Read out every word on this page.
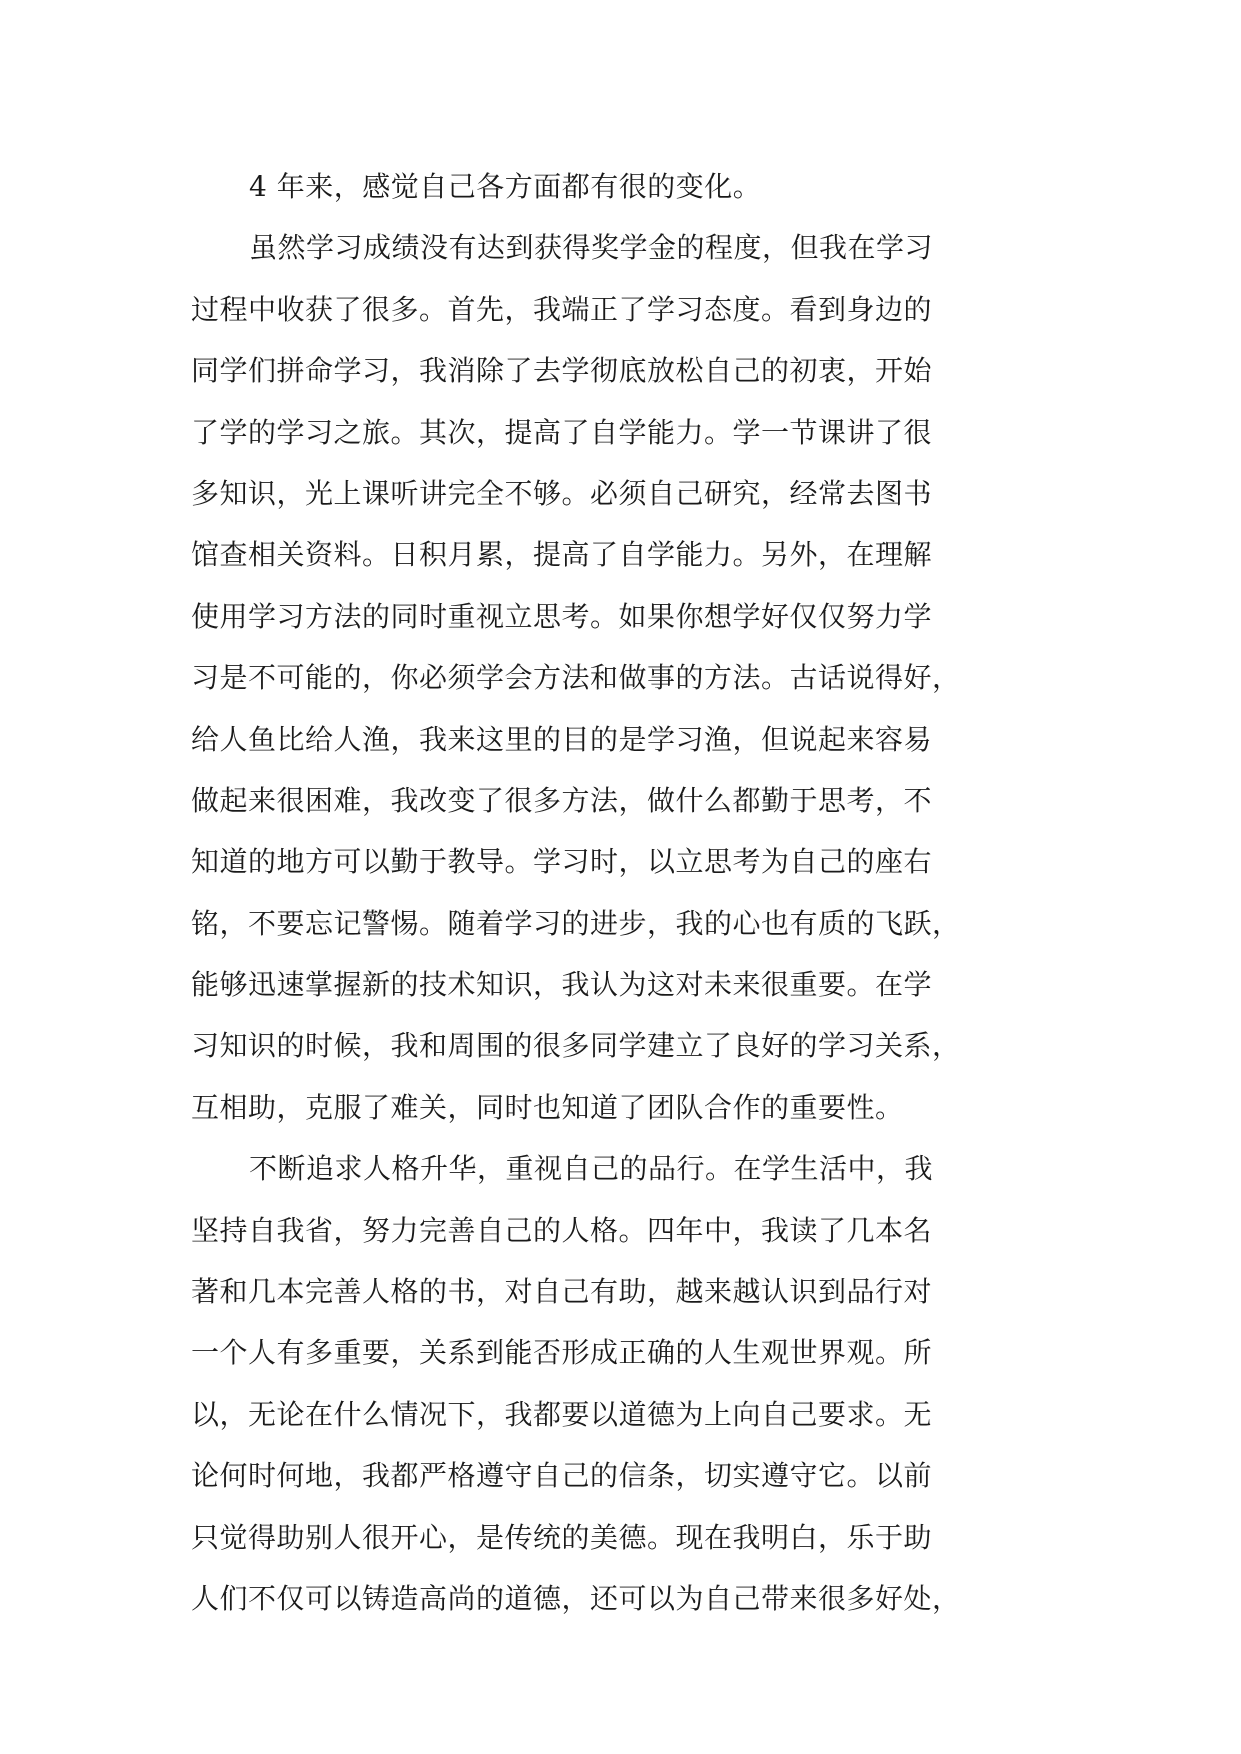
4 年来，感觉自己各方面都有很的变化。
虽然学习成绩没有达到获得奖学金的程度，但我在学习
过程中收获了很多。首先，我端正了学习态度。看到身边的
同学们拼命学习，我消除了去学彻底放松自己的初衷，开始
了学的学习之旅。其次，提高了自学能力。学一节课讲了很
多知识，光上课听讲完全不够。必须自己研究，经常去图书
馆查相关资料。日积月累，提高了自学能力。另外，在理解
使用学习方法的同时重视立思考。如果你想学好仅仅努力学
习是不可能的，你必须学会方法和做事的方法。古话说得好，
给人鱼比给人渔，我来这里的目的是学习渔，但说起来容易
做起来很困难，我改变了很多方法，做什么都勤于思考，不
知道的地方可以勤于教导。学习时，以立思考为自己的座右
铭，不要忘记警惕。随着学习的进步，我的心也有质的飞跃，
能够迅速掌握新的技术知识，我认为这对未来很重要。在学
习知识的时候，我和周围的很多同学建立了良好的学习关系，
互相助，克服了难关，同时也知道了团队合作的重要性。
不断追求人格升华，重视自己的品行。在学生活中，我
坚持自我省，努力完善自己的人格。四年中，我读了几本名
著和几本完善人格的书，对自己有助，越来越认识到品行对
一个人有多重要，关系到能否形成正确的人生观世界观。所
以，无论在什么情况下，我都要以道德为上向自己要求。无
论何时何地，我都严格遵守自己的信条，切实遵守它。以前
只觉得助别人很开心，是传统的美德。现在我明白，乐于助
人们不仅可以铸造高尚的道德，还可以为自己带来很多好处，
